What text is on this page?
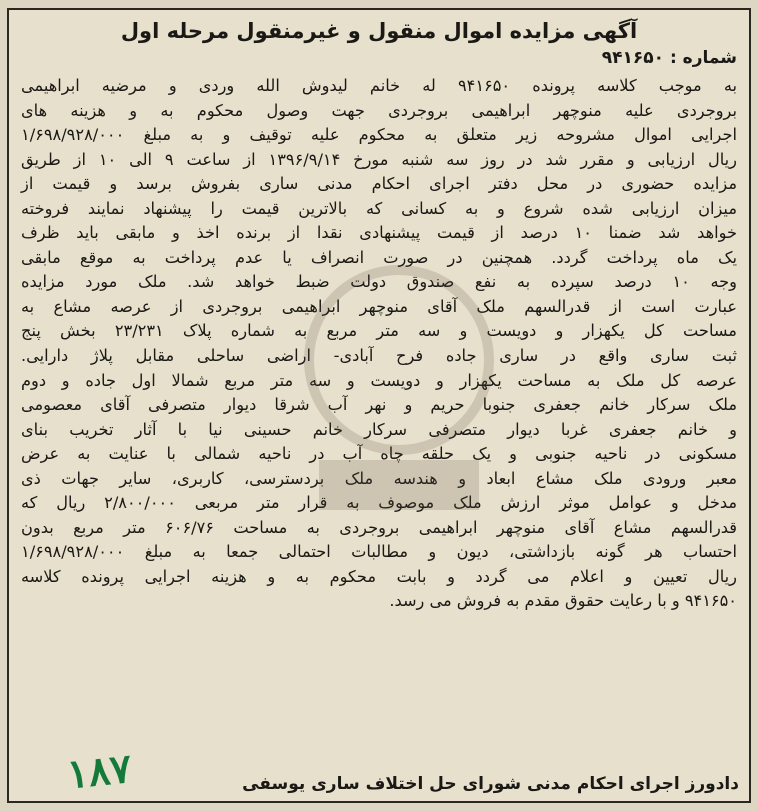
آگهی مزایده اموال منقول و غیرمنقول مرحله اول
شماره : ۹۴۱۶۵۰
به موجب کلاسه پرونده ۹۴۱۶۵۰ له خانم لیدوش الله وردی و مرضیه ابراهیمی
بروجردی علیه منوچهر ابراهیمی بروجردی جهت وصول محکوم به و هزینه های
اجرایی اموال مشروحه زیر متعلق به محکوم علیه توقیف و به مبلغ ۱/۶۹۸/۹۲۸/۰۰۰
ریال ارزیابی و مقرر شد در روز سه شنبه مورخ ۱۳۹۶/۹/۱۴ از ساعت ۹ الی ۱۰ از طریق
مزایده حضوری در محل دفتر اجرای احکام مدنی ساری بفروش برسد و قیمت از
میزان ارزیابی شده شروع و به کسانی که بالاترین قیمت را پیشنهاد نمایند فروخته
خواهد شد ضمنا ۱۰ درصد از قیمت پیشنهادی نقدا از برنده اخذ و مابقی باید ظرف
یک ماه پرداخت گردد. همچنین در صورت انصراف یا عدم پرداخت به موقع مابقی
وجه ۱۰ درصد سپرده به نفع صندوق دولت ضبط خواهد شد. ملک مورد مزایده
عبارت است از قدرالسهم ملک آقای منوچهر ابراهیمی بروجردی از عرصه مشاع به
مساحت کل یکهزار و دویست و سه متر مربع به شماره پلاک ۲۳/۲۳۱ بخش پنج
ثبت ساری واقع در ساری جاده فرح آبادی- اراضی ساحلی مقابل پلاژ دارایی.
عرصه کل ملک به مساحت یکهزار و دویست و سه متر مربع شمالا اول جاده و دوم
ملک سرکار خانم جعفری جنوبا حریم و نهر آب شرقا دیوار متصرفی آقای معصومی
و خانم جعفری غربا دیوار متصرفی سرکار خانم حسینی نیا با آثار تخریب بنای
مسکونی در ناحیه جنوبی و یک حلقه چاه آب در ناحیه شمالی با عنایت به عرض
معبر ورودی ملک مشاع ابعاد و هندسه ملک بردسترسی، کاربری، سایر جهات ذی
مدخل و عوامل موثر ارزش ملک موصوف به قرار متر مربعی ۲/۸۰۰/۰۰۰ ریال که
قدرالسهم مشاع آقای منوچهر ابراهیمی بروجردی به مساحت ۶۰۶/۷۶ متر مربع بدون
احتساب هر گونه بازداشتی، دیون و مطالبات احتمالی جمعا به مبلغ ۱/۶۹۸/۹۲۸/۰۰۰
ریال تعیین و اعلام می گردد و بابت محکوم به و هزینه اجرایی پرونده کلاسه
۹۴۱۶۵۰ و با رعایت حقوق مقدم به فروش می رسد.
دادورز اجرای احکام مدنی شورای حل اختلاف ساری یوسفی
۱۸۷
